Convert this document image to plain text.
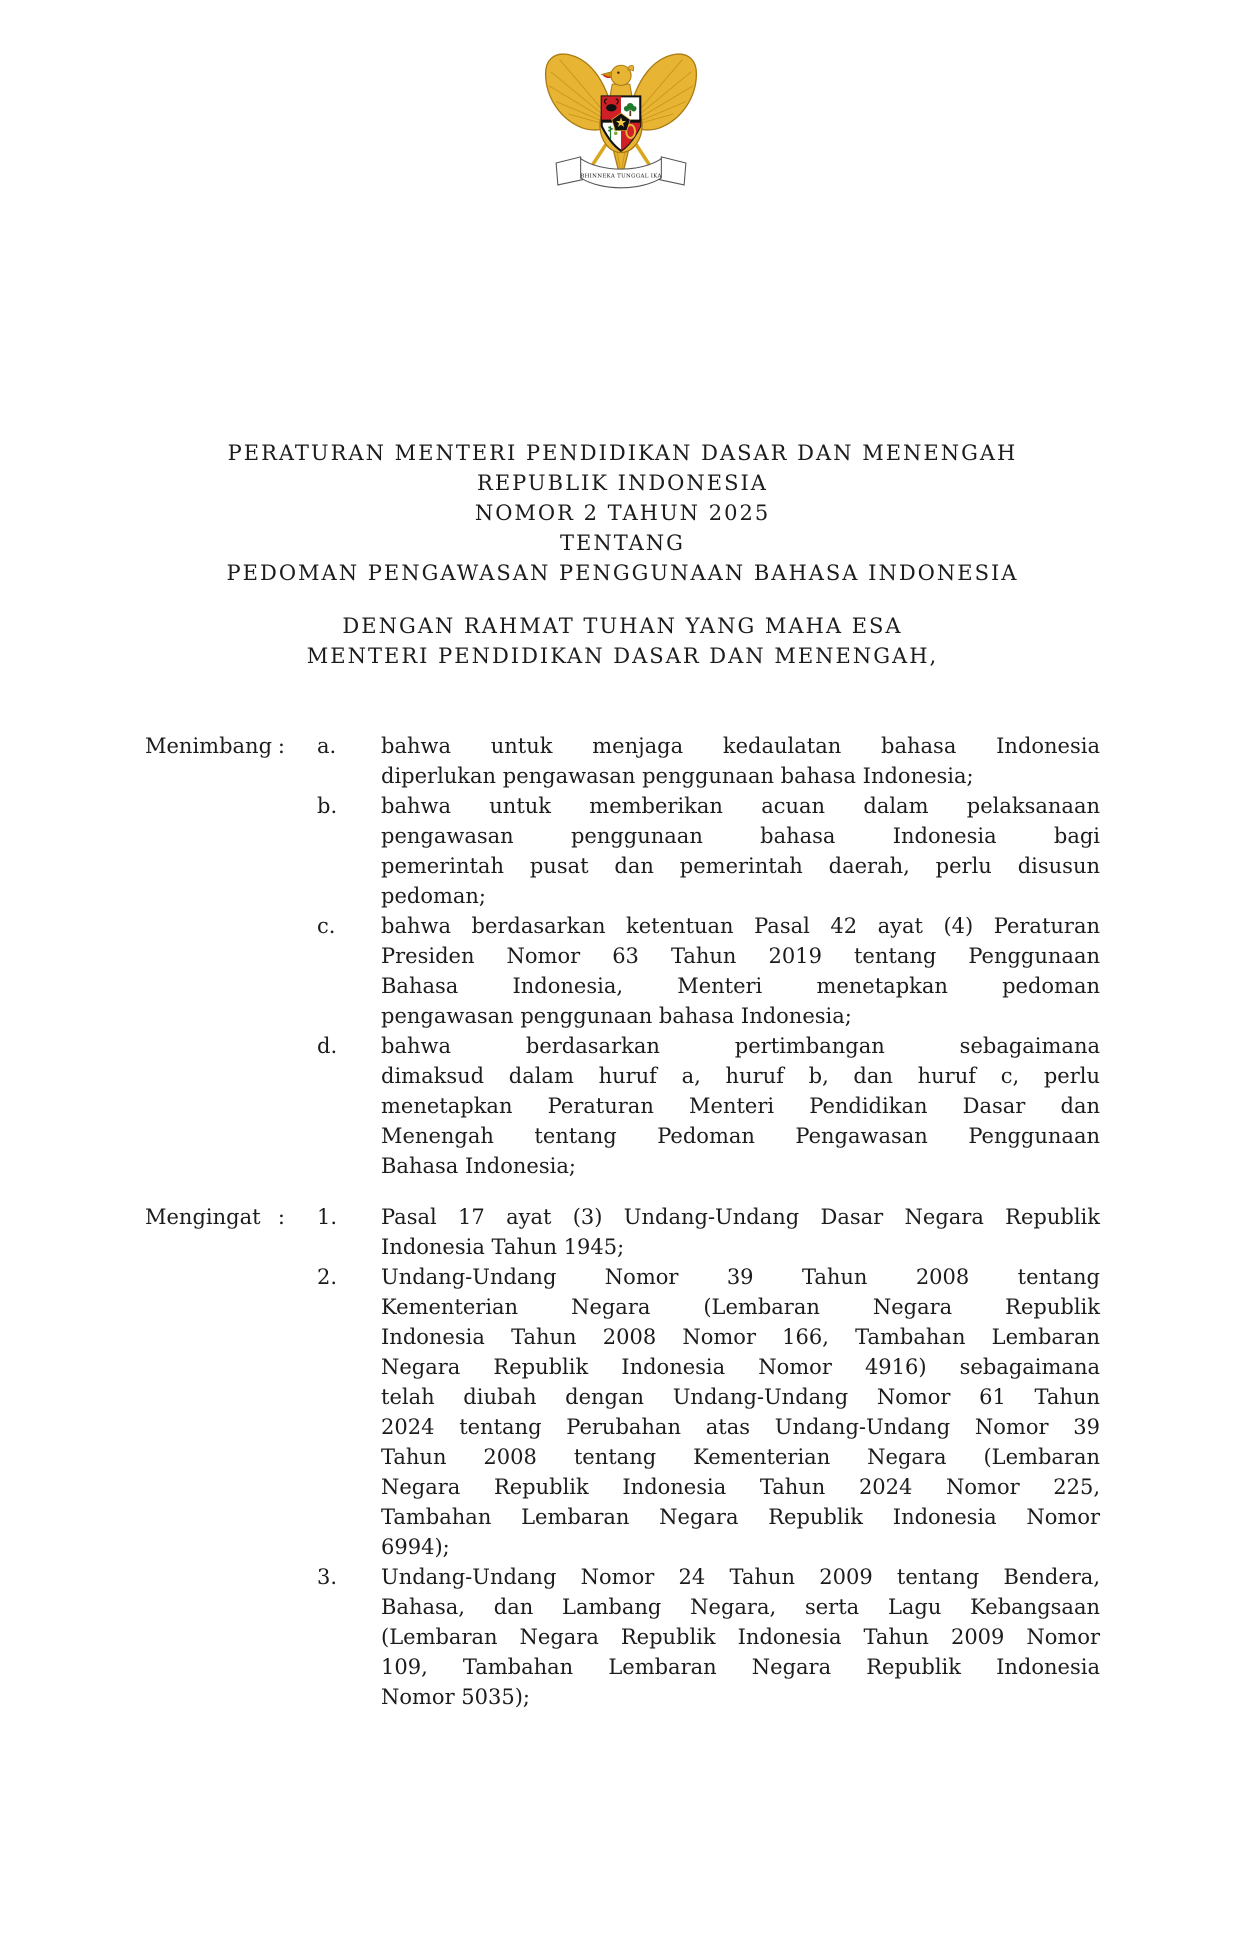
BHINNEKA TUNGGAL IKA
PERATURAN MENTERI PENDIDIKAN DASAR DAN MENENGAH
REPUBLIK INDONESIA
NOMOR 2 TAHUN 2025
TENTANG
PEDOMAN PENGAWASAN PENGGUNAAN BAHASA INDONESIA
DENGAN RAHMAT TUHAN YANG MAHA ESA
MENTERI PENDIDIKAN DASAR DAN MENENGAH,
Menimbang : a.	bahwa untuk menjaga kedaulatan bahasa Indonesia
diperlukan pengawasan penggunaan bahasa Indonesia;
b.	bahwa untuk memberikan acuan dalam pelaksanaan
pengawasan penggunaan bahasa Indonesia bagi
pemerintah pusat dan pemerintah daerah, perlu disusun
pedoman;
c.	bahwa berdasarkan ketentuan Pasal 42 ayat (4) Peraturan
Presiden Nomor 63 Tahun 2019 tentang Penggunaan
Bahasa Indonesia, Menteri menetapkan pedoman
pengawasan penggunaan bahasa Indonesia;
d.	bahwa berdasarkan pertimbangan sebagaimana
dimaksud dalam huruf a, huruf b, dan huruf c, perlu
menetapkan Peraturan Menteri Pendidikan Dasar dan
Menengah tentang Pedoman Pengawasan Penggunaan
Bahasa Indonesia;
Mengingat : 1.	Pasal 17 ayat (3) Undang-Undang Dasar Negara Republik
Indonesia Tahun 1945;
2.	Undang-Undang Nomor 39 Tahun 2008 tentang
Kementerian Negara (Lembaran Negara Republik
Indonesia Tahun 2008 Nomor 166, Tambahan Lembaran
Negara Republik Indonesia Nomor 4916) sebagaimana
telah diubah dengan Undang-Undang Nomor 61 Tahun
2024 tentang Perubahan atas Undang-Undang Nomor 39
Tahun 2008 tentang Kementerian Negara (Lembaran
Negara Republik Indonesia Tahun 2024 Nomor 225,
Tambahan Lembaran Negara Republik Indonesia Nomor
6994);
3.	Undang-Undang Nomor 24 Tahun 2009 tentang Bendera,
Bahasa, dan Lambang Negara, serta Lagu Kebangsaan
(Lembaran Negara Republik Indonesia Tahun 2009 Nomor
109, Tambahan Lembaran Negara Republik Indonesia
Nomor 5035);
